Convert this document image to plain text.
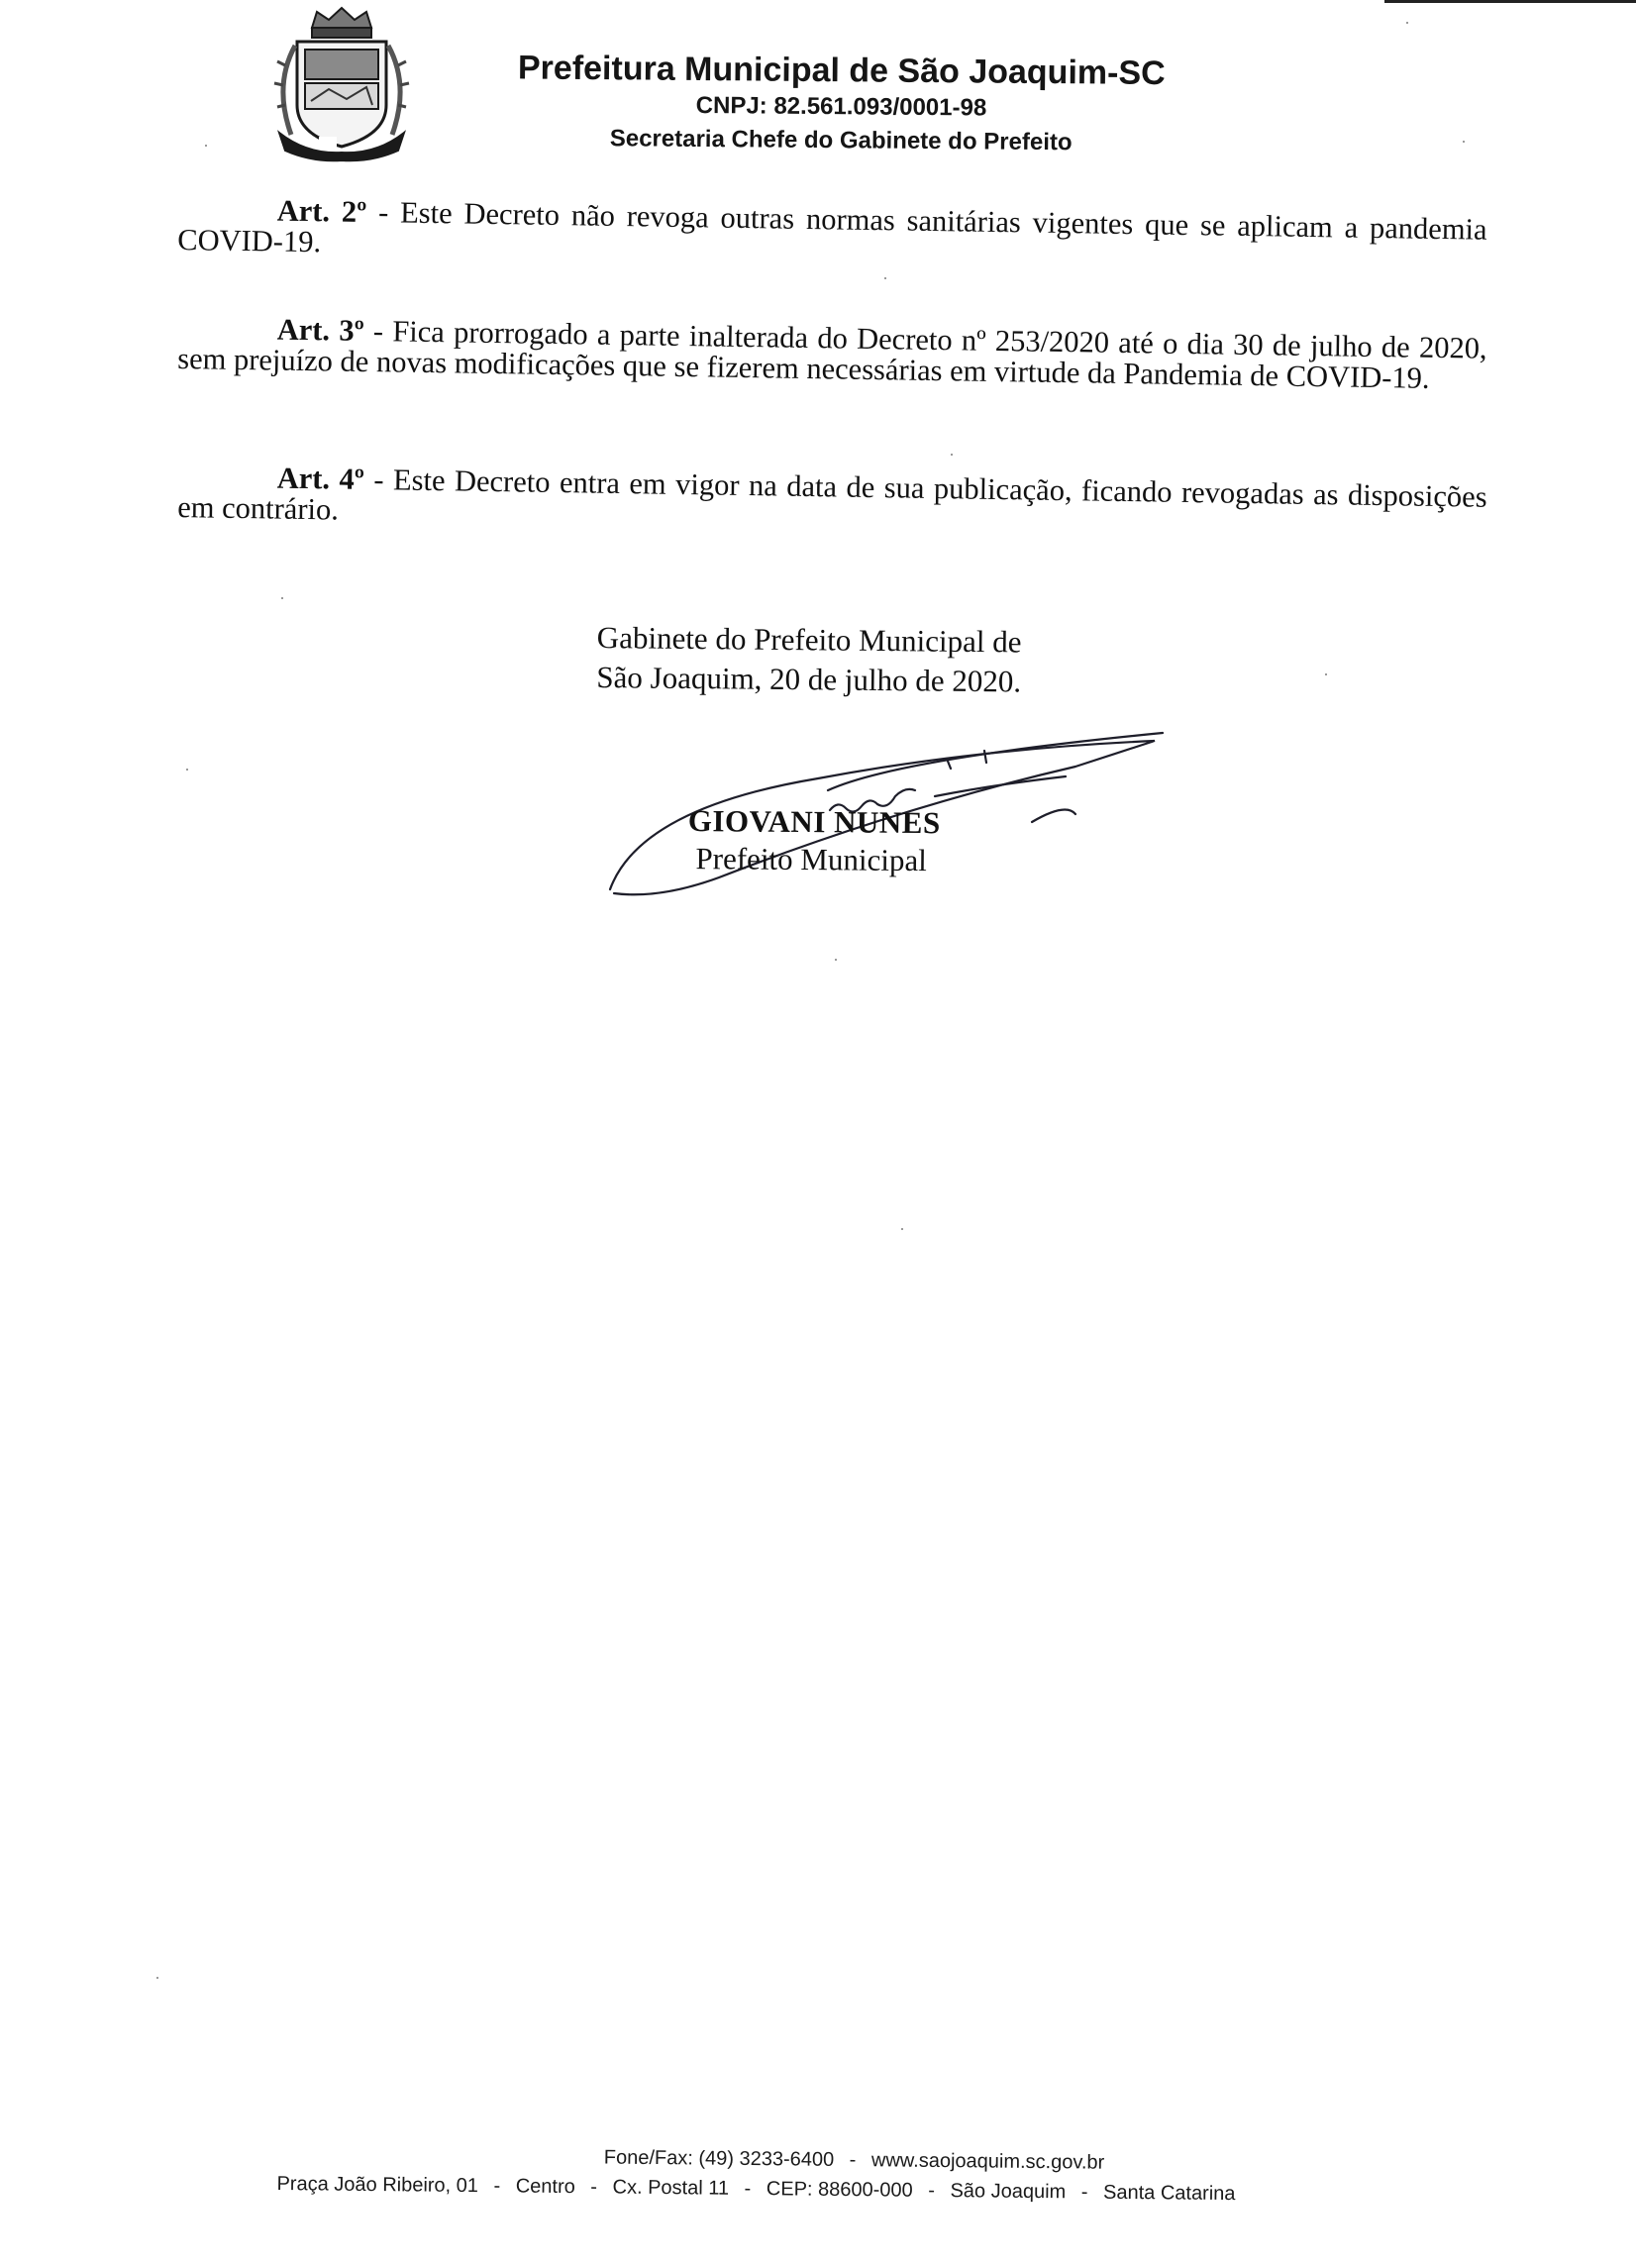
Prefeitura Municipal de São Joaquim-SC
CNPJ: 82.561.093/0001-98
Secretaria Chefe do Gabinete do Prefeito

Art. 2º - Este Decreto não revoga outras normas sanitárias vigentes que se aplicam a pandemia COVID-19.

Art. 3º - Fica prorrogado a parte inalterada do Decreto nº 253/2020 até o dia 30 de julho de 2020, sem prejuízo de novas modificações que se fizerem necessárias em virtude da Pandemia de COVID-19.

Art. 4º - Este Decreto entra em vigor na data de sua publicação, ficando revogadas as disposições em contrário.

Gabinete do Prefeito Municipal de
São Joaquim, 20 de julho de 2020.
GIOVANI NUNES
Prefeito Municipal
Fone/Fax: (49) 3233-6400 - www.saojoaquim.sc.gov.br
Praça João Ribeiro, 01 - Centro - Cx. Postal 11 - CEP: 88600-000 - São Joaquim - Santa Catarina
